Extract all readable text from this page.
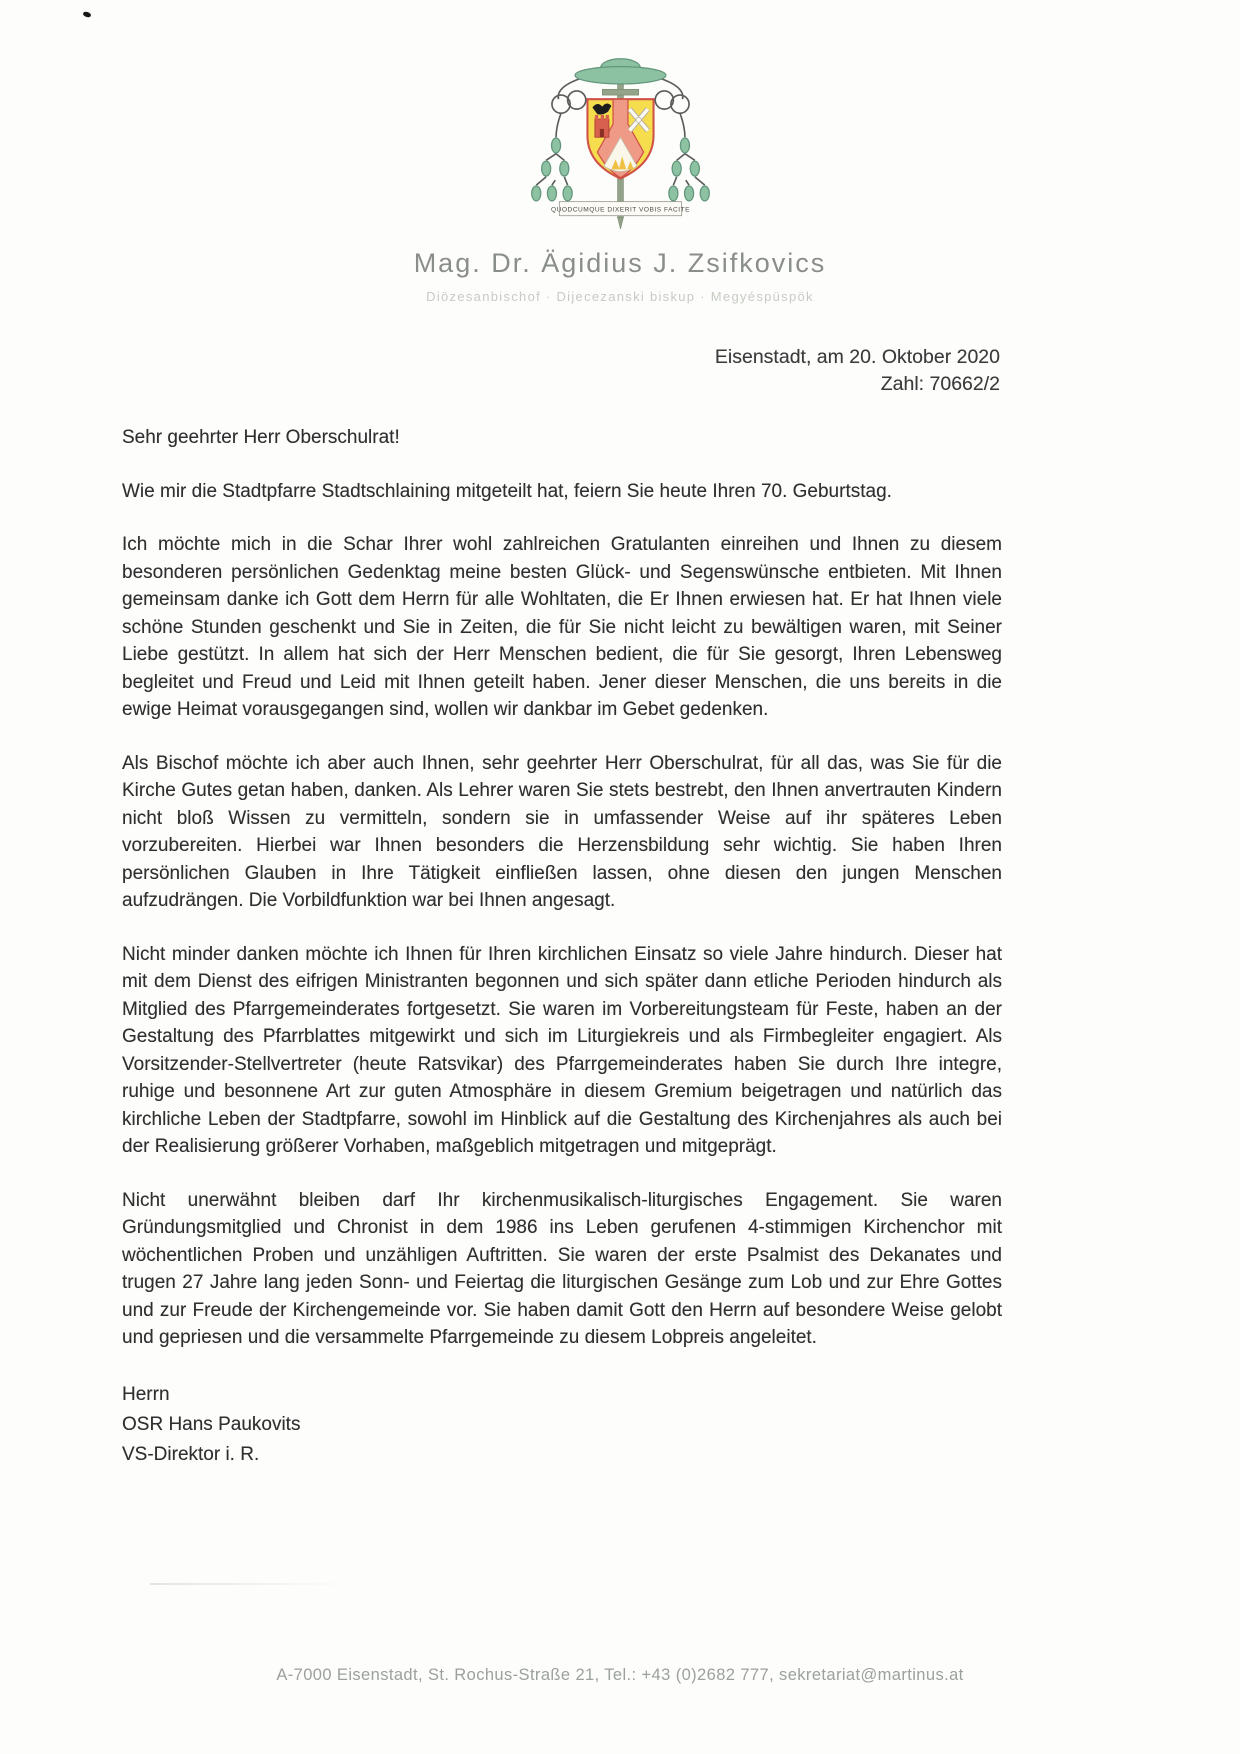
QUODCUMQUE DIXERIT VOBIS FACITE
Mag. Dr. Ägidius J. Zsifkovics
Diözesanbischof · Dijecezanski biskup · Megyéspüspök
Eisenstadt, am 20. Oktober 2020
Zahl: 70662/2
Sehr geehrter Herr Oberschulrat!

Wie mir die Stadtpfarre Stadtschlaining mitgeteilt hat, feiern Sie heute Ihren 70. Geburtstag.

Ich möchte mich in die Schar Ihrer wohl zahlreichen Gratulanten einreihen und Ihnen zu diesem besonderen persönlichen Gedenktag meine besten Glück- und Segenswünsche entbieten. Mit Ihnen gemeinsam danke ich Gott dem Herrn für alle Wohltaten, die Er Ihnen erwiesen hat. Er hat Ihnen viele schöne Stunden geschenkt und Sie in Zeiten, die für Sie nicht leicht zu bewältigen waren, mit Seiner Liebe gestützt. In allem hat sich der Herr Menschen bedient, die für Sie gesorgt, Ihren Lebensweg begleitet und Freud und Leid mit Ihnen geteilt haben. Jener dieser Menschen, die uns bereits in die ewige Heimat vorausgegangen sind, wollen wir dankbar im Gebet gedenken.

Als Bischof möchte ich aber auch Ihnen, sehr geehrter Herr Oberschulrat, für all das, was Sie für die Kirche Gutes getan haben, danken. Als Lehrer waren Sie stets bestrebt, den Ihnen anvertrauten Kindern nicht bloß Wissen zu vermitteln, sondern sie in umfassender Weise auf ihr späteres Leben vorzubereiten. Hierbei war Ihnen besonders die Herzensbildung sehr wichtig. Sie haben Ihren persönlichen Glauben in Ihre Tätigkeit einfließen lassen, ohne diesen den jungen Menschen aufzudrängen. Die Vorbildfunktion war bei Ihnen angesagt.

Nicht minder danken möchte ich Ihnen für Ihren kirchlichen Einsatz so viele Jahre hindurch. Dieser hat mit dem Dienst des eifrigen Ministranten begonnen und sich später dann etliche Perioden hindurch als Mitglied des Pfarrgemeinderates fortgesetzt. Sie waren im Vorbereitungsteam für Feste, haben an der Gestaltung des Pfarrblattes mitgewirkt und sich im Liturgiekreis und als Firmbegleiter engagiert. Als Vorsitzender-Stellvertreter (heute Ratsvikar) des Pfarrgemeinderates haben Sie durch Ihre integre, ruhige und besonnene Art zur guten Atmosphäre in diesem Gremium beigetragen und natürlich das kirchliche Leben der Stadtpfarre, sowohl im Hinblick auf die Gestaltung des Kirchenjahres als auch bei der Realisierung größerer Vorhaben, maßgeblich mitgetragen und mitgeprägt.

Nicht unerwähnt bleiben darf Ihr kirchenmusikalisch-liturgisches Engagement. Sie waren Gründungsmitglied und Chronist in dem 1986 ins Leben gerufenen 4-stimmigen Kirchenchor mit wöchentlichen Proben und unzähligen Auftritten. Sie waren der erste Psalmist des Dekanates und trugen 27 Jahre lang jeden Sonn- und Feiertag die liturgischen Gesänge zum Lob und zur Ehre Gottes und zur Freude der Kirchengemeinde vor. Sie haben damit Gott den Herrn auf besondere Weise gelobt und gepriesen und die versammelte Pfarrgemeinde zu diesem Lobpreis angeleitet.

Herrn
OSR Hans Paukovits
VS-Direktor i. R.
A-7000 Eisenstadt, St. Rochus-Straße 21, Tel.: +43 (0)2682 777, sekretariat@martinus.at
